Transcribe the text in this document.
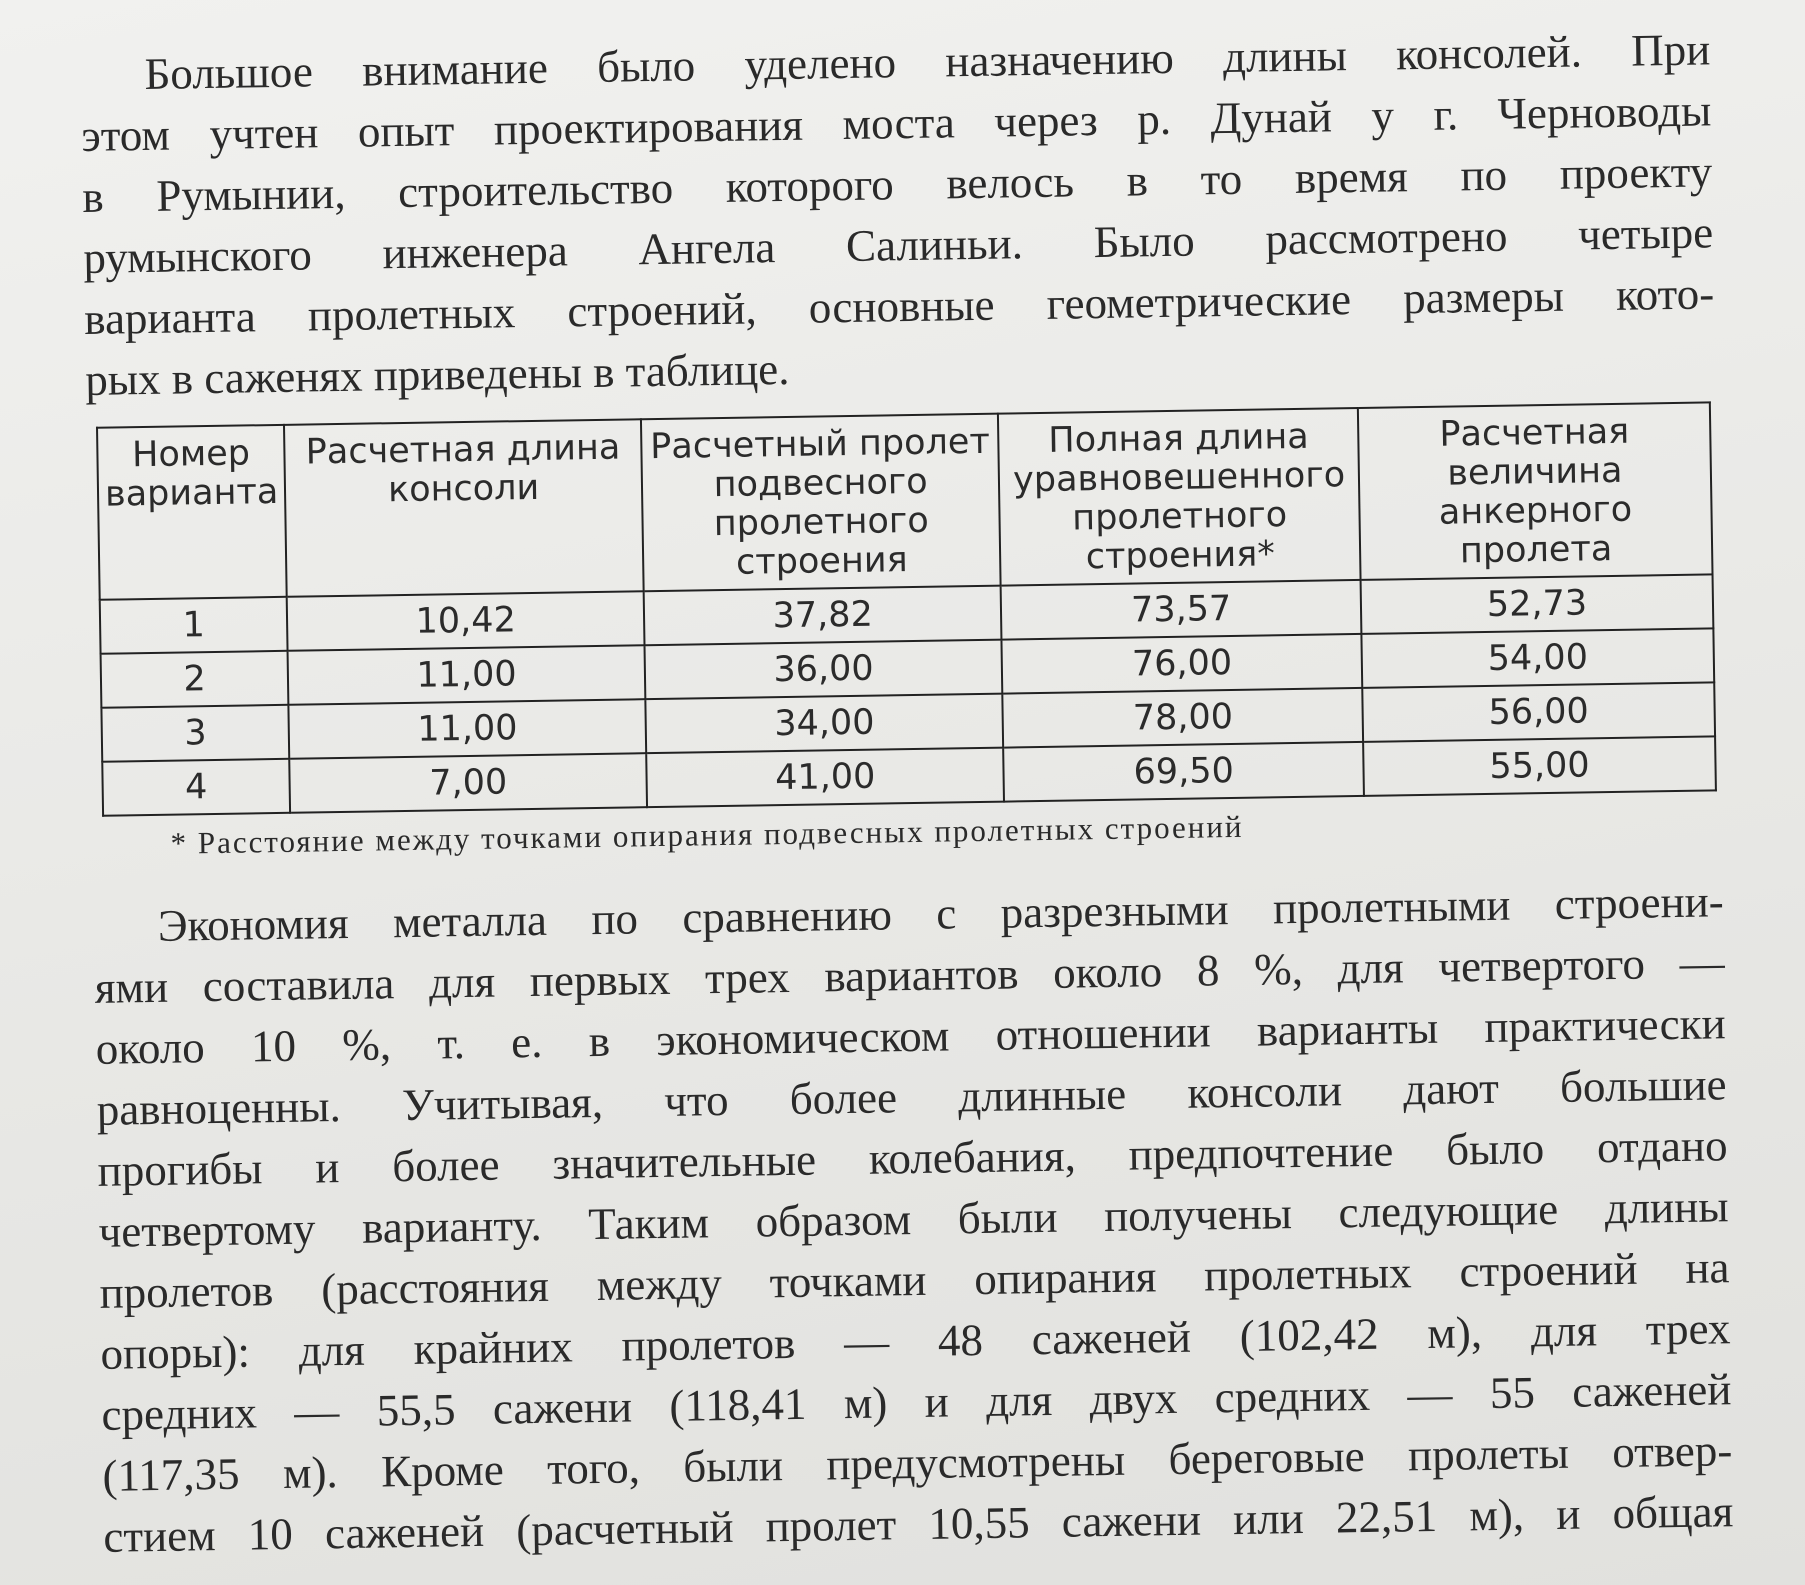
Большое внимание было уделено назначению длины консолей. При
этом учтен опыт проектирования моста через р. Дунай у г. Черноводы
в Румынии, строительство которого велось в то время по проекту
румынского инженера Ангела Салиньи. Было рассмотрено четыре
варианта пролетных строений, основные геометрические размеры кото-
рых в саженях приведены в таблице.

Номер варианта	Расчетная длина консоли	Расчетный пролет подвесного пролетного строения	Полная длина уравновешенного пролетного строения*	Расчетная величина анкерного пролета
1	10,42	37,82	73,57	52,73
2	11,00	36,00	76,00	54,00
3	11,00	34,00	78,00	56,00
4	7,00	41,00	69,50	55,00
* Расстояние между точками опирания подвесных пролетных строений

Экономия металла по сравнению с разрезными пролетными строени-
ями составила для первых трех вариантов около 8 %, для четвертого —
около 10 %, т. е. в экономическом отношении варианты практически
равноценны. Учитывая, что более длинные консоли дают большие
прогибы и более значительные колебания, предпочтение было отдано
четвертому варианту. Таким образом были получены следующие длины
пролетов (расстояния между точками опирания пролетных строений на
опоры): для крайних пролетов — 48 саженей (102,42 м), для трех
средних — 55,5 сажени (118,41 м) и для двух средних — 55 саженей
(117,35 м). Кроме того, были предусмотрены береговые пролеты отвер-
стием 10 саженей (расчетный пролет 10,55 сажени или 22,51 м), и общая
